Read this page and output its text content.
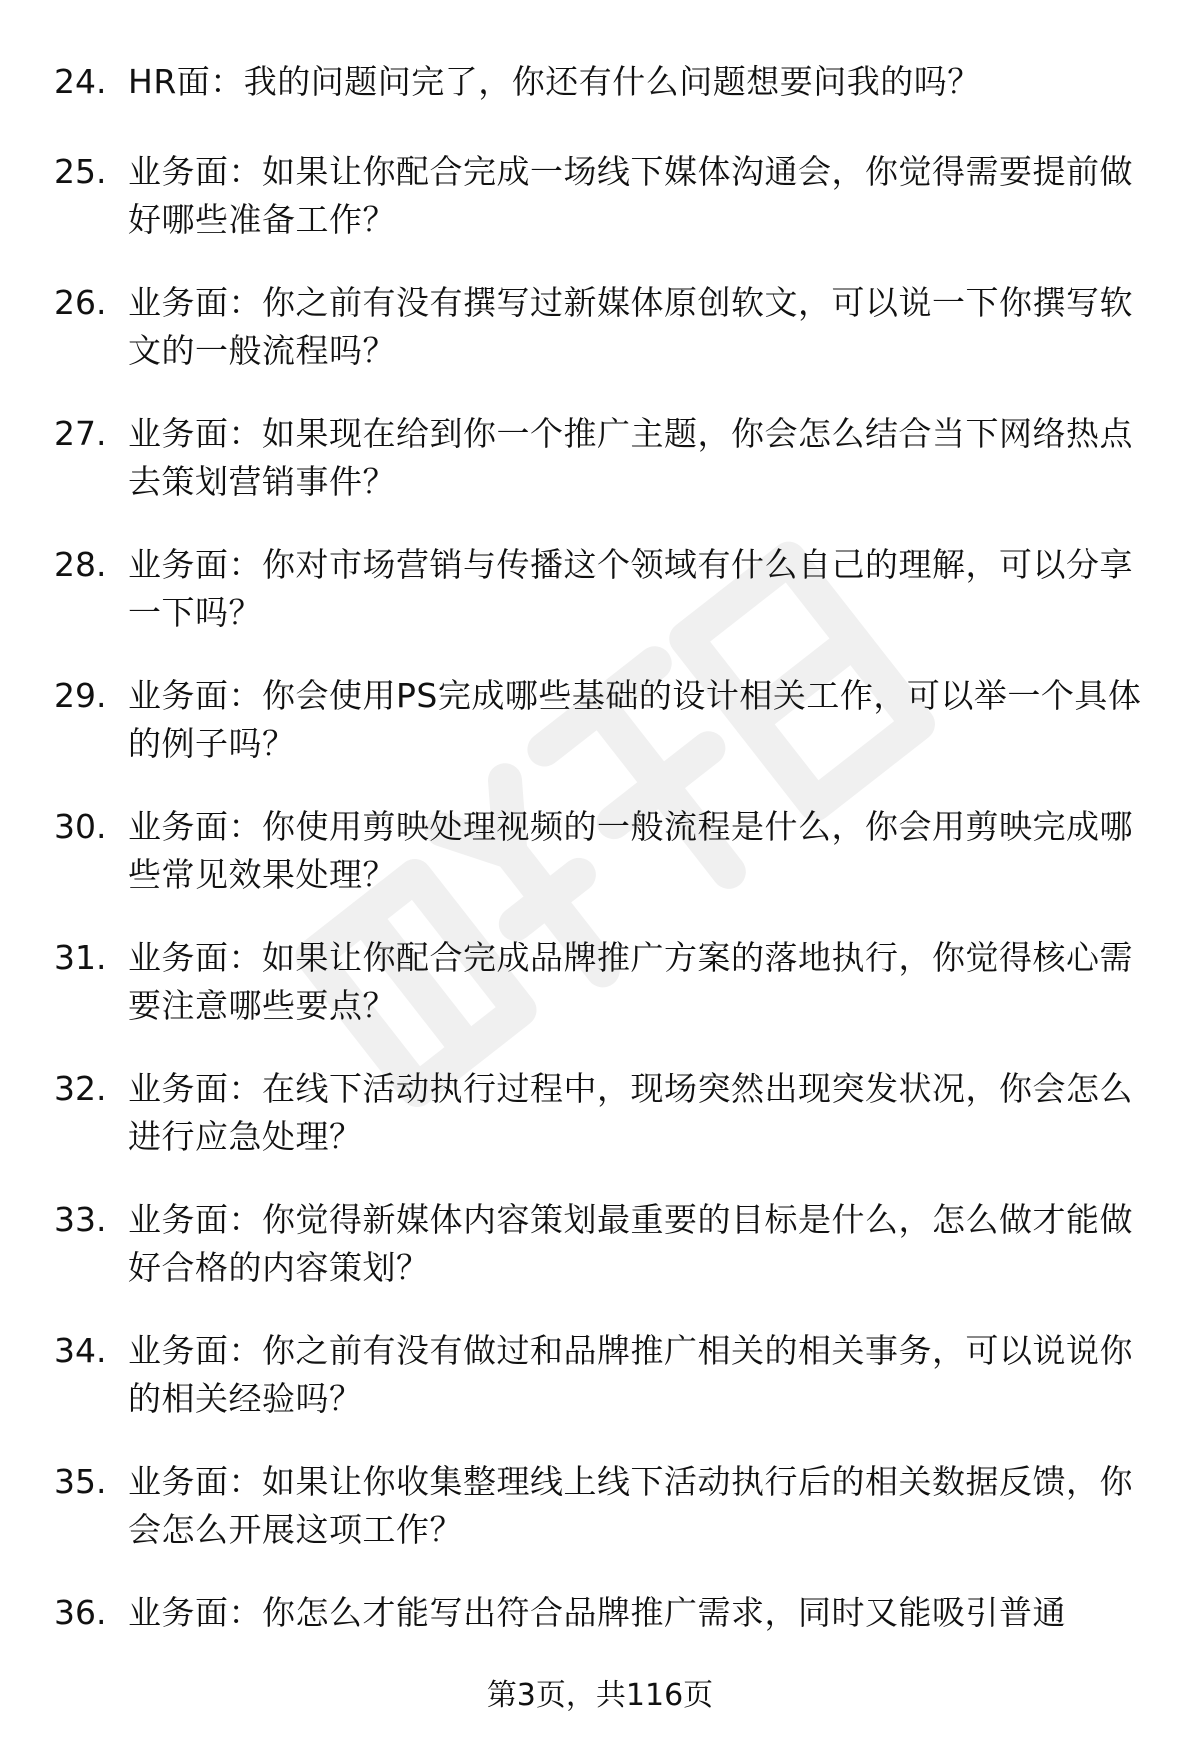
24. HR面：我的问题问完了，你还有什么问题想要问我的吗？
25. 业务面：如果让你配合完成一场线下媒体沟通会，你觉得需要提前做好哪些准备工作？
26. 业务面：你之前有没有撰写过新媒体原创软文，可以说一下你撰写软文的一般流程吗？
27. 业务面：如果现在给到你一个推广主题，你会怎么结合当下网络热点去策划营销事件？
28. 业务面：你对市场营销与传播这个领域有什么自己的理解，可以分享一下吗？
29. 业务面：你会使用PS完成哪些基础的设计相关工作，可以举一个具体的例子吗？
30. 业务面：你使用剪映处理视频的一般流程是什么，你会用剪映完成哪些常见效果处理？
31. 业务面：如果让你配合完成品牌推广方案的落地执行，你觉得核心需要注意哪些要点？
32. 业务面：在线下活动执行过程中，现场突然出现突发状况，你会怎么进行应急处理？
33. 业务面：你觉得新媒体内容策划最重要的目标是什么，怎么做才能做好合格的内容策划？
34. 业务面：你之前有没有做过和品牌推广相关的相关事务，可以说说你的相关经验吗？
35. 业务面：如果让你收集整理线上线下活动执行后的相关数据反馈，你会怎么开展这项工作？
36. 业务面：你怎么才能写出符合品牌推广需求，同时又能吸引普通
第3页，共116页
